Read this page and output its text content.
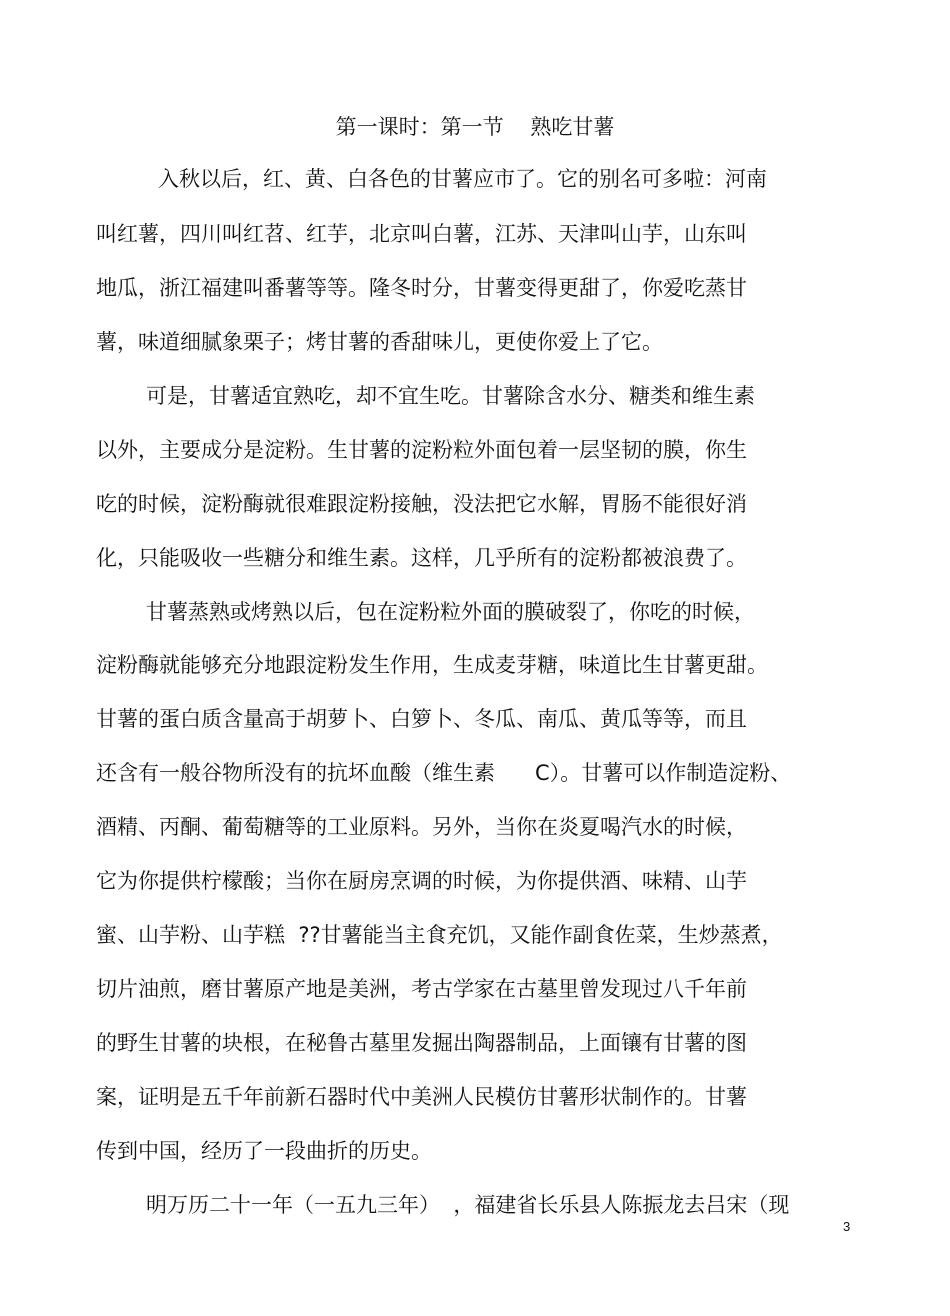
第一课时：第一节    熟吃甘薯
入秋以后，红、黄、白各色的甘薯应市了。它的别名可多啦：河南
叫红薯，四川叫红苕、红芋，北京叫白薯，江苏、天津叫山芋，山东叫
地瓜，浙江福建叫番薯等等。隆冬时分，甘薯变得更甜了，你爱吃蒸甘
薯，味道细腻象栗子；烤甘薯的香甜味儿，更使你爱上了它。
可是，甘薯适宜熟吃，却不宜生吃。甘薯除含水分、糖类和维生素
以外，主要成分是淀粉。生甘薯的淀粉粒外面包着一层坚韧的膜，你生
吃的时候，淀粉酶就很难跟淀粉接触，没法把它水解，胃肠不能很好消
化，只能吸收一些糖分和维生素。这样，几乎所有的淀粉都被浪费了。
甘薯蒸熟或烤熟以后，包在淀粉粒外面的膜破裂了，你吃的时候，
淀粉酶就能够充分地跟淀粉发生作用，生成麦芽糖，味道比生甘薯更甜。
甘薯的蛋白质含量高于胡萝卜、白箩卜、冬瓜、南瓜、黄瓜等等，而且
还含有一般谷物所没有的抗坏血酸（维生素      C）。甘薯可以作制造淀粉、
酒精、丙酮、葡萄糖等的工业原料。另外，当你在炎夏喝汽水的时候，
它为你提供柠檬酸；当你在厨房烹调的时候，为你提供酒、味精、山芋
蜜、山芋粉、山芋糕  ??甘薯能当主食充饥，又能作副食佐菜，生炒蒸煮，
切片油煎，磨甘薯原产地是美洲，考古学家在古墓里曾发现过八千年前
的野生甘薯的块根，在秘鲁古墓里发掘出陶器制品，上面镶有甘薯的图
案，证明是五千年前新石器时代中美洲人民模仿甘薯形状制作的。甘薯
传到中国，经历了一段曲折的历史。
明万历二十一年（一五九三年）  ，福建省长乐县人陈振龙去吕宋（现
3
